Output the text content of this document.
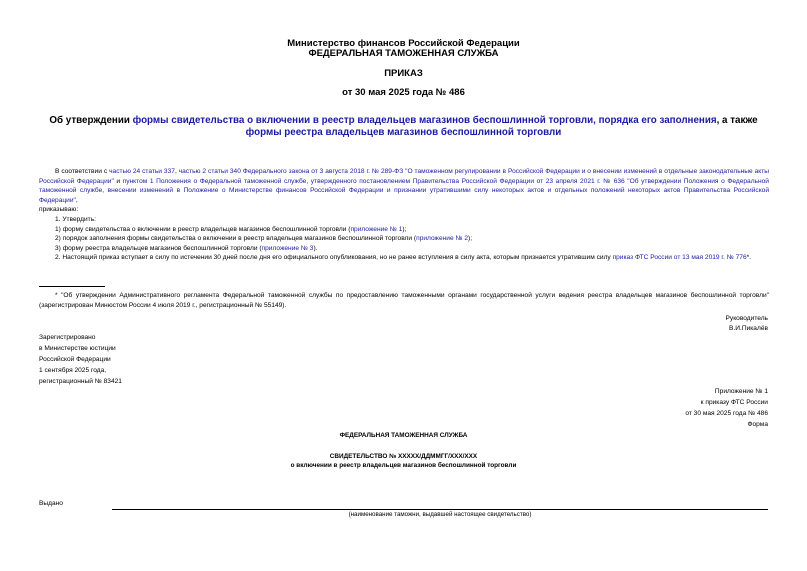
Министерство финансов Российской Федерации
ФЕДЕРАЛЬНАЯ ТАМОЖЕННАЯ СЛУЖБА
ПРИКАЗ
от 30 мая 2025 года № 486
Об утверждении формы свидетельства о включении в реестр владельцев магазинов беспошлинной торговли, порядка его заполнения, а также формы реестра владельцев магазинов беспошлинной торговли

В соответствии с частью 24 статьи 337, частью 2 статьи 340 Федерального закона от 3 августа 2018 г. № 289-ФЗ "О таможенном регулировании в Российской Федерации и о внесении изменений в отдельные законодательные акты Российской Федерации" и пунктом 1 Положения о Федеральной таможенной службе, утвержденного постановлением Правительства Российской Федерации от 23 апреля 2021 г. № 636 "Об утверждении Положения о Федеральной таможенной службе, внесении изменений в Положение о Министерстве финансов Российской Федерации и признании утратившими силу некоторых актов и отдельных положений некоторых актов Правительства Российской Федерации",

приказываю:

1. Утвердить:

1) форму свидетельства о включении в реестр владельцев магазинов беспошлинной торговли (приложение № 1);

2) порядок заполнения формы свидетельства о включении в реестр владельцев магазинов беспошлинной торговли (приложение № 2);

3) форму реестра владельцев магазинов беспошлинной торговли (приложение № 3).

2. Настоящий приказ вступает в силу по истечении 30 дней после дня его официального опубликования, но не ранее вступления в силу акта, которым признается утратившим силу приказ ФТС России от 13 мая 2019 г. № 776*.

* "Об утверждении Административного регламента Федеральной таможенной службы по предоставлению таможенными органами государственной услуги ведения реестра владельцев магазинов беспошлинной торговли" (зарегистрирован Минюстом России 4 июля 2019 г., регистрационный № 55149).

Руководитель
В.И.Пикалёв
Зарегистрировано
в Министерстве юстиции
Российской Федерации
1 сентября 2025 года,
регистрационный № 83421
Приложение № 1
к приказу ФТС России
от 30 мая 2025 года № 486
Форма
ФЕДЕРАЛЬНАЯ ТАМОЖЕННАЯ СЛУЖБА
СВИДЕТЕЛЬСТВО № XXXXX/ДДММГГ/XXX/XXX
о включении в реестр владельцев магазинов беспошлинной торговли
Выдано
(наименование таможни, выдавшей настоящее свидетельство)
